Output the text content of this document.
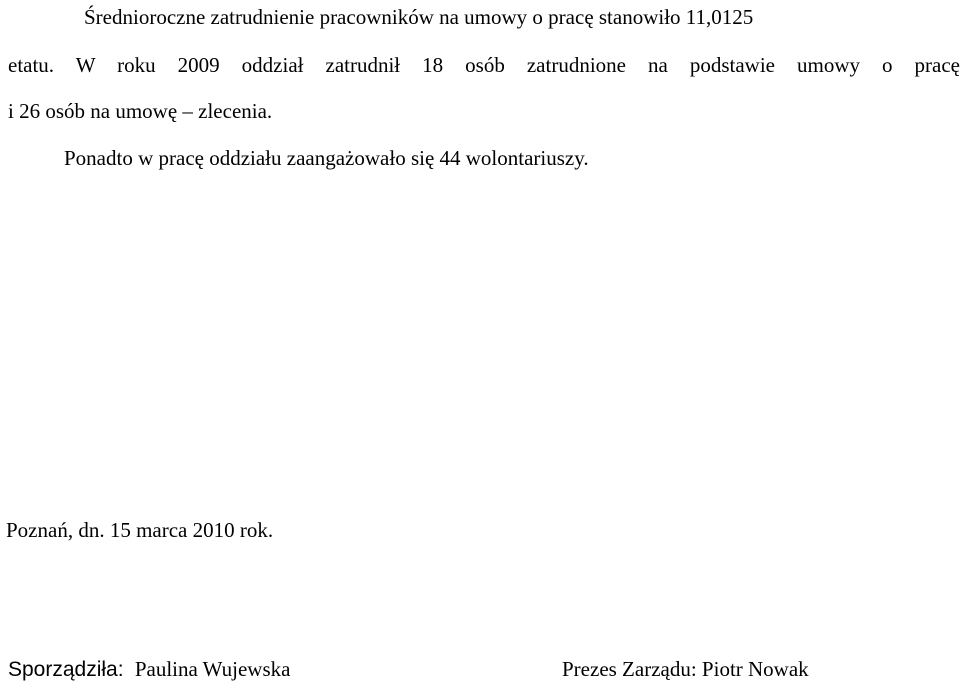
Średnioroczne zatrudnienie pracowników na umowy o pracę stanowiło 11,0125
etatu. W roku 2009 oddział zatrudnił 18 osób zatrudnione na podstawie umowy o pracę
i 26 osób na umowę – zlecenia.
Ponadto w pracę oddziału zaangażowało się 44 wolontariuszy.
Poznań, dn. 15 marca 2010 rok.
Sporządziła: Paulina Wujewska	Prezes Zarządu: Piotr Nowak
